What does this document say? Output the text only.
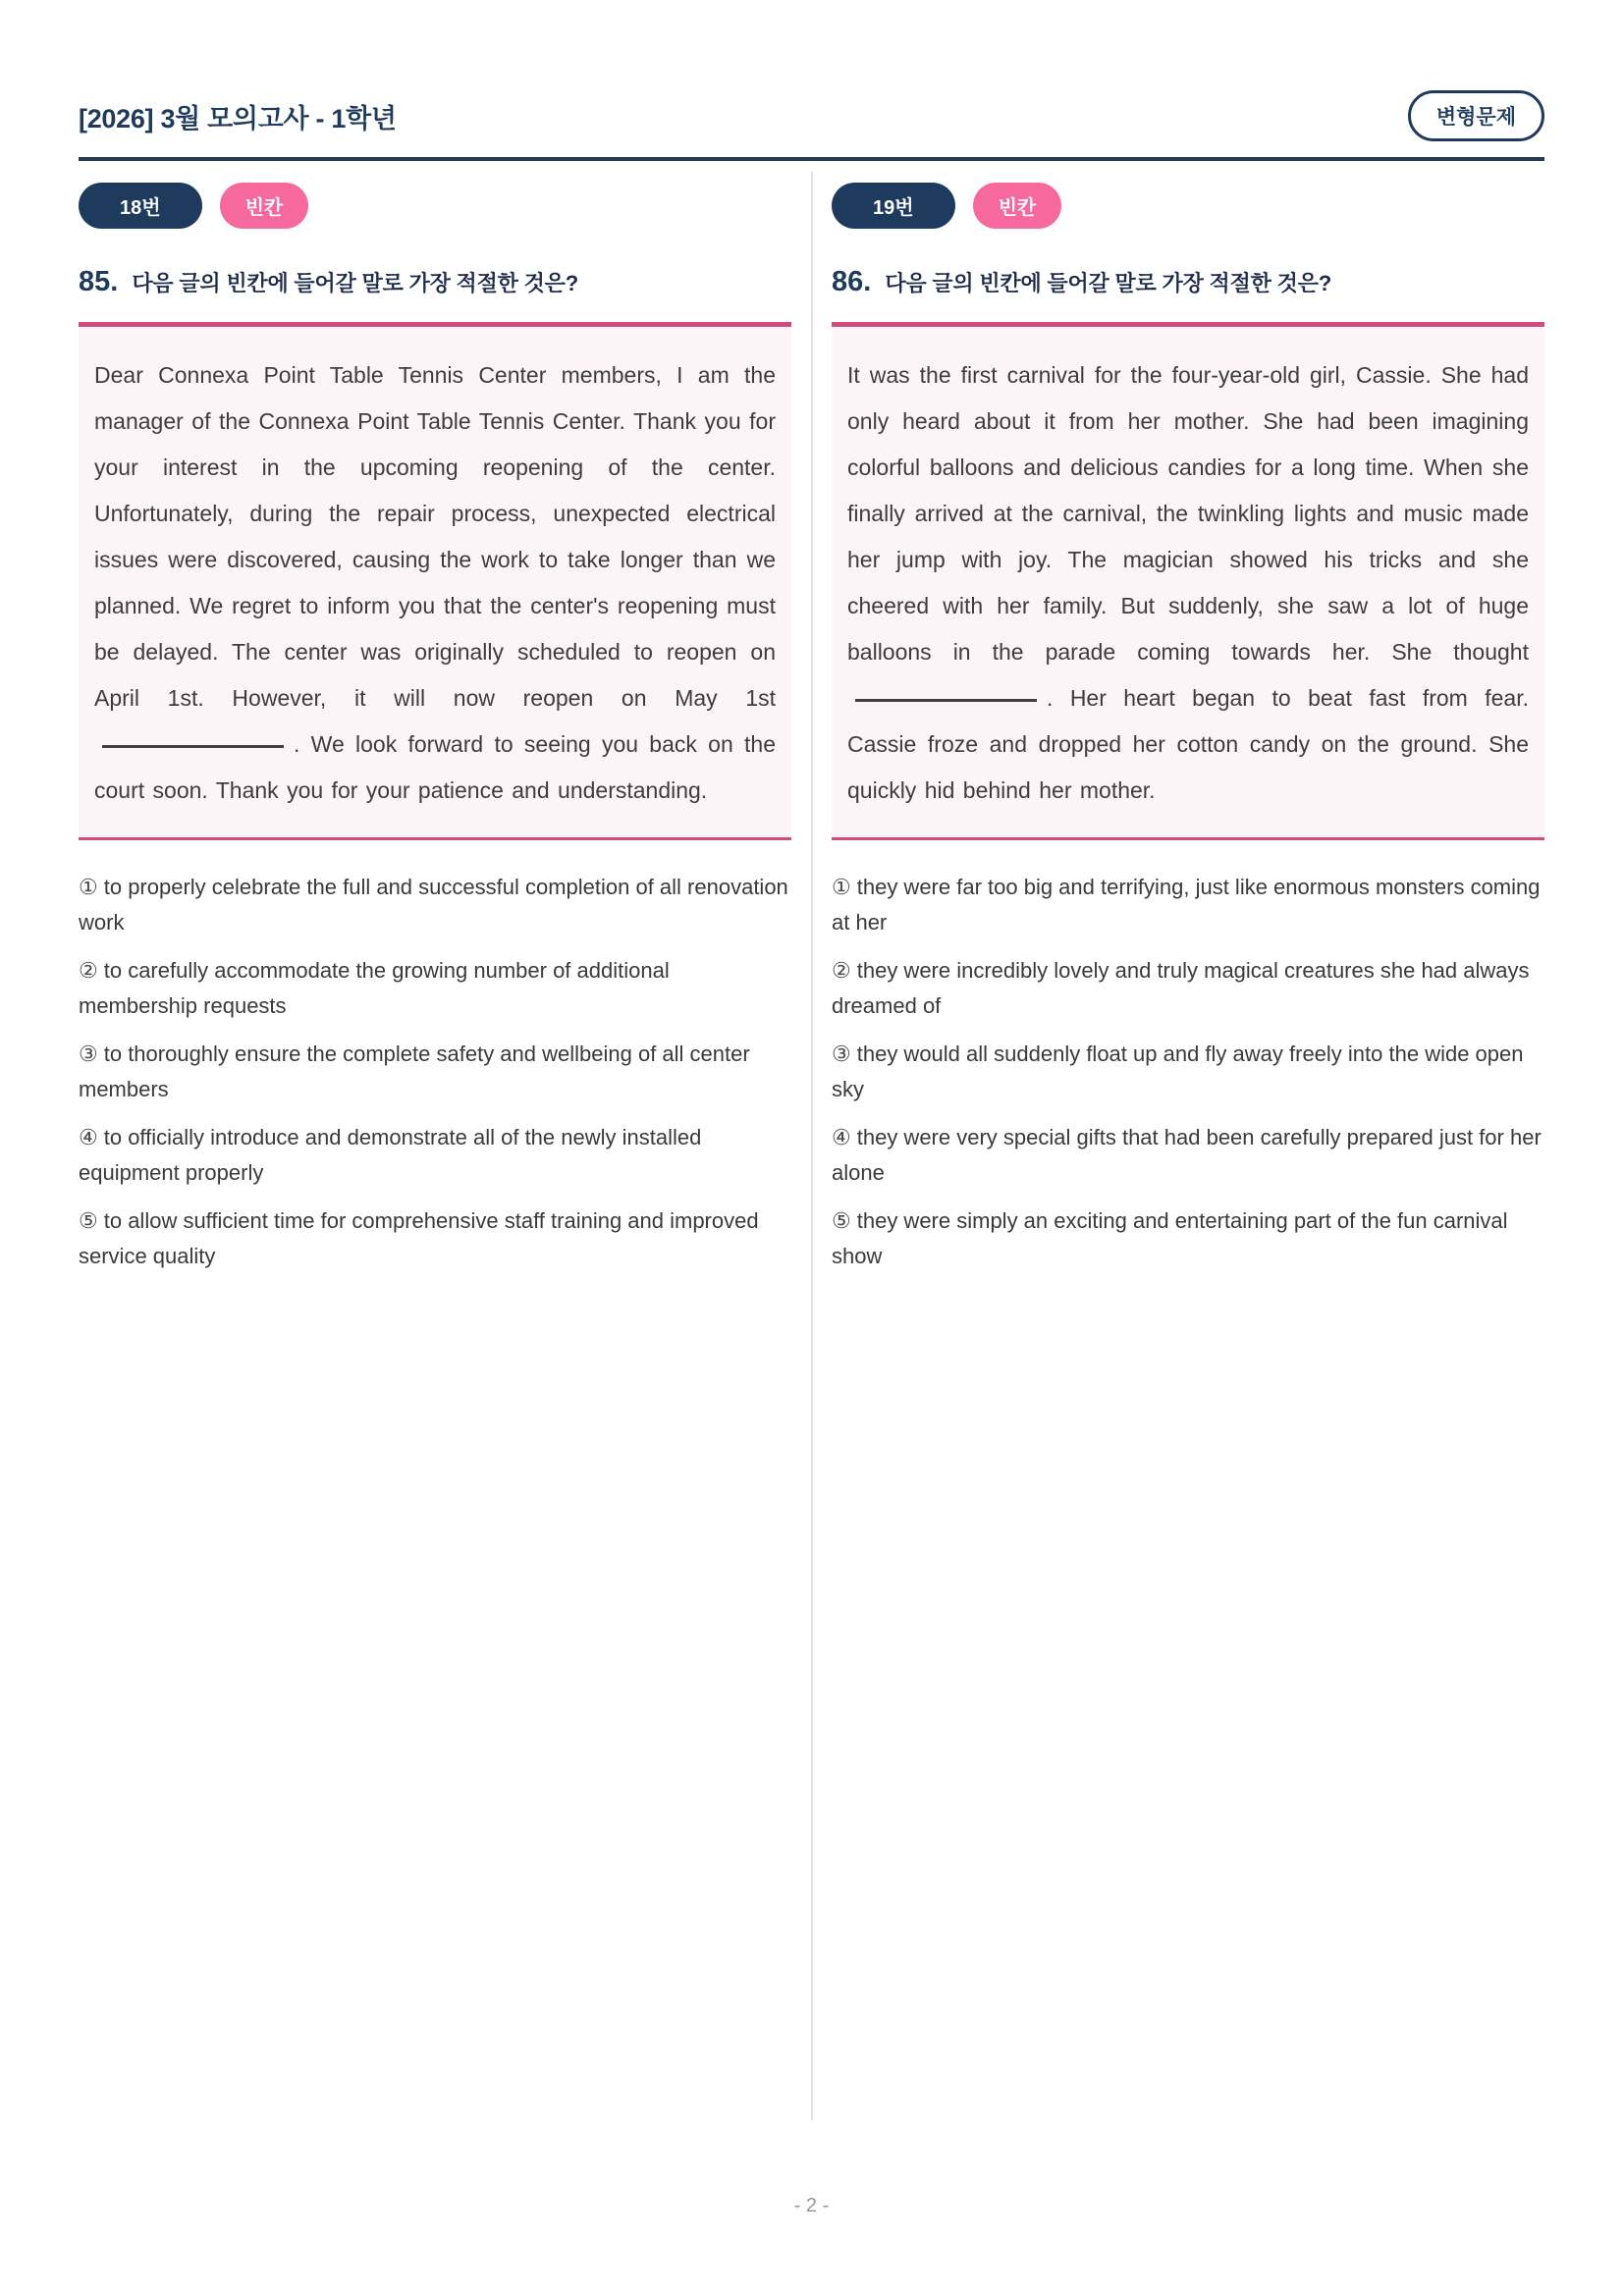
[2026] 3월 모의고사 - 1학년	변형문제
18번	빈칸
85. 다음 글의 빈칸에 들어갈 말로 가장 적절한 것은?

Dear Connexa Point Table Tennis Center members, I am the manager of the Connexa Point Table Tennis Center. Thank you for your interest in the upcoming reopening of the center. Unfortunately, during the repair process, unexpected electrical issues were discovered, causing the work to take longer than we planned. We regret to inform you that the center's reopening must be delayed. The center was originally scheduled to reopen on April 1st. However, it will now reopen on May 1st. We look forward to seeing you back on the court soon. Thank you for your patience and understanding.

① to properly celebrate the full and successful completion of all renovation work
② to carefully accommodate the growing number of additional membership requests
③ to thoroughly ensure the complete safety and wellbeing of all center members
④ to officially introduce and demonstrate all of the newly installed equipment properly
⑤ to allow sufficient time for comprehensive staff training and improved service quality
19번	빈칸
86. 다음 글의 빈칸에 들어갈 말로 가장 적절한 것은?

It was the first carnival for the four-year-old girl, Cassie. She had only heard about it from her mother. She had been imagining colorful balloons and delicious candies for a long time. When she finally arrived at the carnival, the twinkling lights and music made her jump with joy. The magician showed his tricks and she cheered with her family. But suddenly, she saw a lot of huge balloons in the parade coming towards her. She thought. Her heart began to beat fast from fear. Cassie froze and dropped her cotton candy on the ground. She quickly hid behind her mother.

① they were far too big and terrifying, just like enormous monsters coming at her
② they were incredibly lovely and truly magical creatures she had always dreamed of
③ they would all suddenly float up and fly away freely into the wide open sky
④ they were very special gifts that had been carefully prepared just for her alone
⑤ they were simply an exciting and entertaining part of the fun carnival show
- 2 -
